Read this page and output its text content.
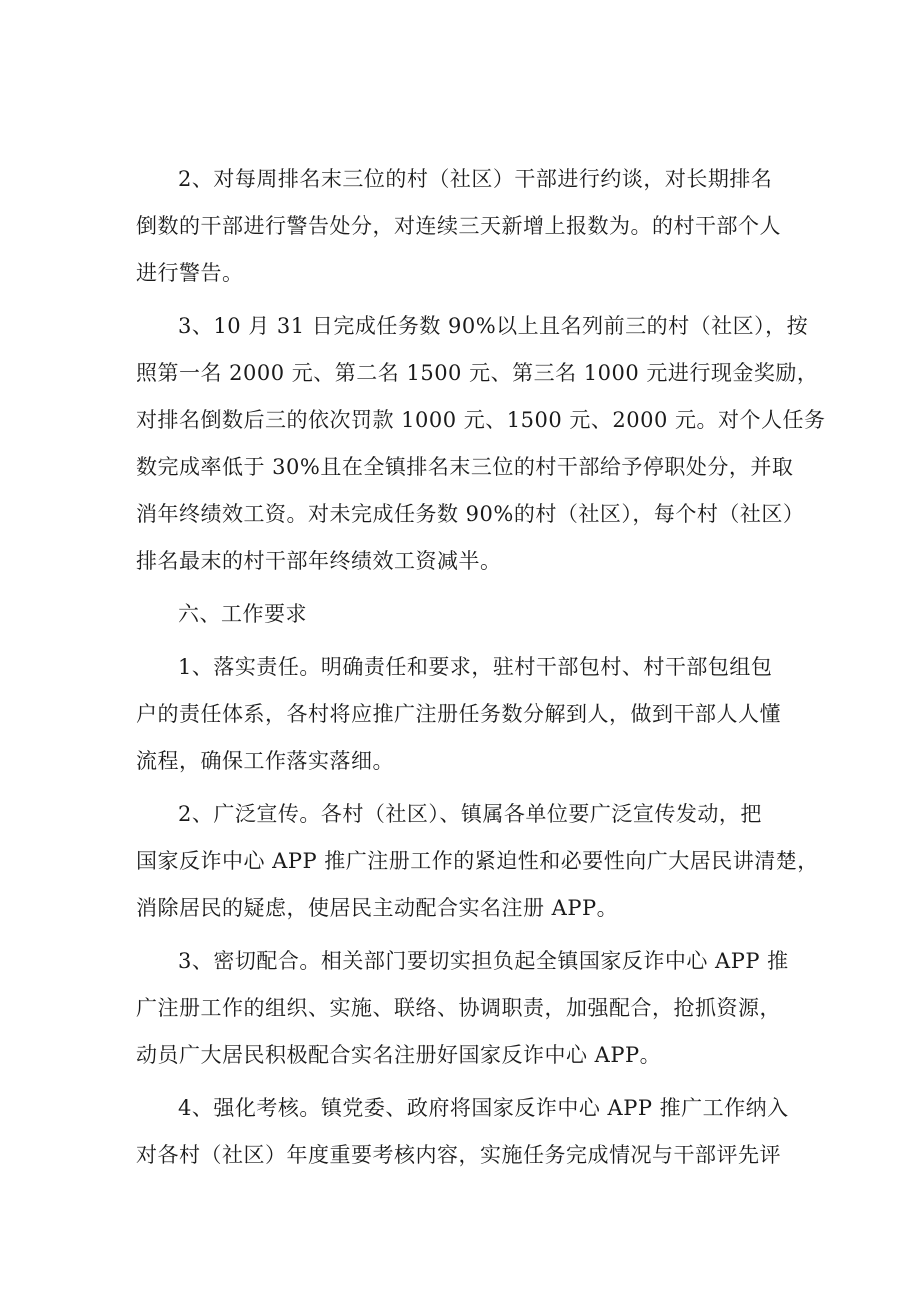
2、对每周排名末三位的村（社区）干部进行约谈，对长期排名
倒数的干部进行警告处分，对连续三天新增上报数为。的村干部个人
进行警告。

3、10 月 31 日完成任务数 90%以上且名列前三的村（社区），按
照第一名 2000 元、第二名 1500 元、第三名 1000 元进行现金奖励，
对排名倒数后三的依次罚款 1000 元、1500 元、2000 元。对个人任务
数完成率低于 30%且在全镇排名末三位的村干部给予停职处分，并取
消年终绩效工资。对未完成任务数 90%的村（社区），每个村（社区）
排名最末的村干部年终绩效工资减半。

六、工作要求

1、落实责任。明确责任和要求，驻村干部包村、村干部包组包
户的责任体系，各村将应推广注册任务数分解到人，做到干部人人懂
流程，确保工作落实落细。

2、广泛宣传。各村（社区）、镇属各单位要广泛宣传发动，把
国家反诈中心 APP 推广注册工作的紧迫性和必要性向广大居民讲清楚，
消除居民的疑虑，使居民主动配合实名注册 APP。

3、密切配合。相关部门要切实担负起全镇国家反诈中心 APP 推
广注册工作的组织、实施、联络、协调职责，加强配合，抢抓资源，
动员广大居民积极配合实名注册好国家反诈中心 APP。

4、强化考核。镇党委、政府将国家反诈中心 APP 推广工作纳入
对各村（社区）年度重要考核内容，实施任务完成情况与干部评先评
